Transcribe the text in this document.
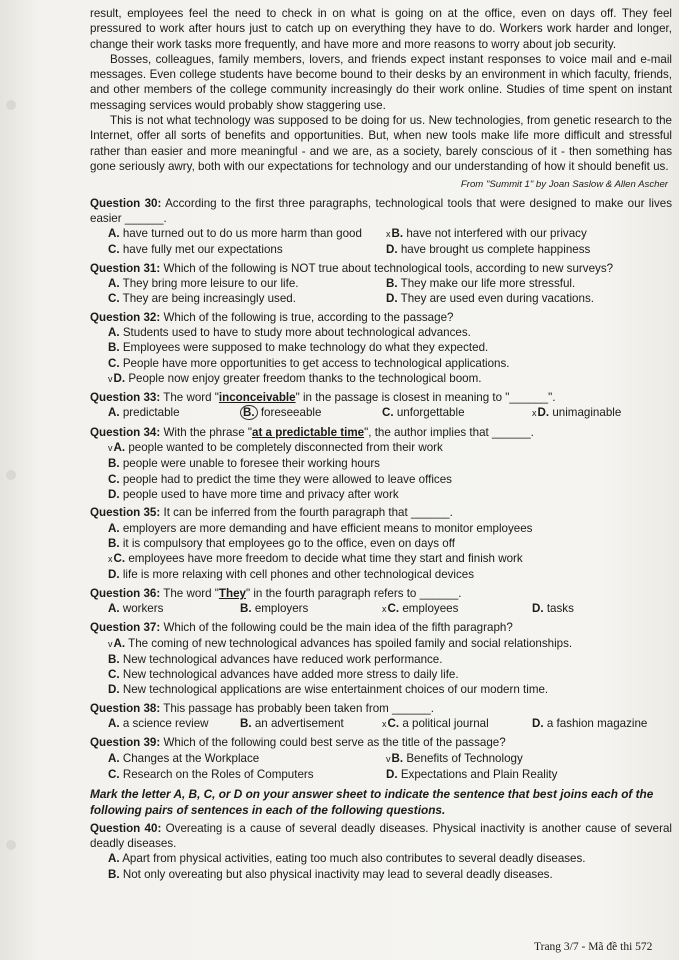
result, employees feel the need to check in on what is going on at the office, even on days off. They feel pressured to work after hours just to catch up on everything they have to do. Workers work harder and longer, change their work tasks more frequently, and have more and more reasons to worry about job security.

Bosses, colleagues, family members, lovers, and friends expect instant responses to voice mail and e-mail messages. Even college students have become bound to their desks by an environment in which faculty, friends, and other members of the college community increasingly do their work online. Studies of time spent on instant messaging services would probably show staggering use.

This is not what technology was supposed to be doing for us. New technologies, from genetic research to the Internet, offer all sorts of benefits and opportunities. But, when new tools make life more difficult and stressful rather than easier and more meaningful - and we are, as a society, barely conscious of it - then something has gone seriously awry, both with our expectations for technology and our understanding of how it should benefit us.

From "Summit 1" by Joan Saslow & Allen Ascher
Question 30: According to the first three paragraphs, technological tools that were designed to make our lives easier ______.
A. have turned out to do us more harm than good	xB. have not interfered with our privacy
C. have fully met our expectations	D. have brought us complete happiness
Question 31: Which of the following is NOT true about technological tools, according to new surveys?
A. They bring more leisure to our life.	B. They make our life more stressful.
C. They are being increasingly used.	D. They are used even during vacations.
Question 32: Which of the following is true, according to the passage?
A. Students used to have to study more about technological advances.
B. Employees were supposed to make technology do what they expected.
C. People have more opportunities to get access to technological applications.
vD. People now enjoy greater freedom thanks to the technological boom.
Question 33: The word "inconceivable" in the passage is closest in meaning to "______".
A. predictable	B. foreseeable	C. unforgettable	xD. unimaginable
Question 34: With the phrase "at a predictable time", the author implies that ______.
vA. people wanted to be completely disconnected from their work
B. people were unable to foresee their working hours
C. people had to predict the time they were allowed to leave offices
D. people used to have more time and privacy after work
Question 35: It can be inferred from the fourth paragraph that ______.
A. employers are more demanding and have efficient means to monitor employees
B. it is compulsory that employees go to the office, even on days off
xC. employees have more freedom to decide what time they start and finish work
D. life is more relaxing with cell phones and other technological devices
Question 36: The word "They" in the fourth paragraph refers to ______.
A. workers	B. employers	xC. employees	D. tasks
Question 37: Which of the following could be the main idea of the fifth paragraph?
vA. The coming of new technological advances has spoiled family and social relationships.
B. New technological advances have reduced work performance.
C. New technological advances have added more stress to daily life.
D. New technological applications are wise entertainment choices of our modern time.
Question 38: This passage has probably been taken from ______.
A. a science review	B. an advertisement	xC. a political journal	D. a fashion magazine
Question 39: Which of the following could best serve as the title of the passage?
A. Changes at the Workplace	vB. Benefits of Technology
C. Research on the Roles of Computers	D. Expectations and Plain Reality
Mark the letter A, B, C, or D on your answer sheet to indicate the sentence that best joins each of the following pairs of sentences in each of the following questions.
Question 40: Overeating is a cause of several deadly diseases. Physical inactivity is another cause of several deadly diseases.
A. Apart from physical activities, eating too much also contributes to several deadly diseases.
B. Not only overeating but also physical inactivity may lead to several deadly diseases.
Trang 3/7 - Mã đề thi 572
